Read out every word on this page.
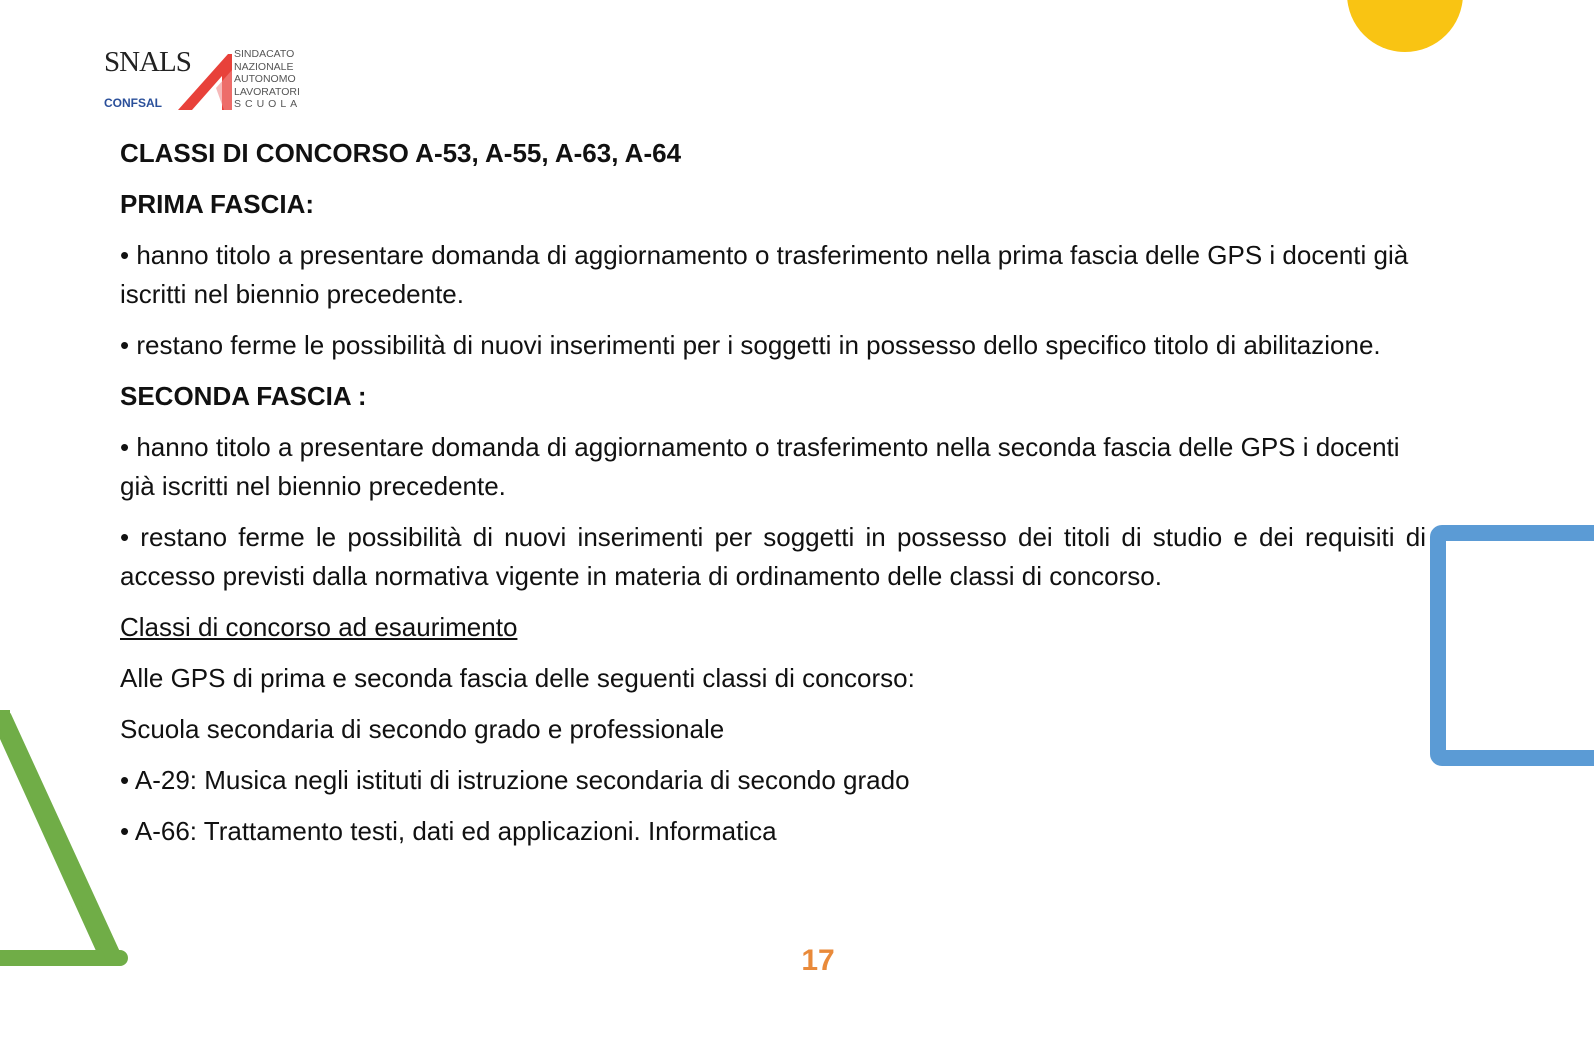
SNALS
CONFSAL
SINDACATO
NAZIONALE
AUTONOMO
LAVORATORI
SCUOLA

CLASSI DI CONCORSO A-53, A-55, A-63, A-64

PRIMA FASCIA:

• hanno titolo a presentare domanda di aggiornamento o trasferimento nella prima fascia delle GPS i docenti già iscritti nel biennio precedente.

• restano ferme le possibilità di nuovi inserimenti per i soggetti in possesso dello specifico titolo di abilitazione.

SECONDA FASCIA :

• hanno titolo a presentare domanda di aggiornamento o trasferimento nella seconda fascia delle GPS i docenti già iscritti nel biennio precedente.

• restano ferme le possibilità di nuovi inserimenti per soggetti in possesso dei titoli di studio e dei requisiti di accesso previsti dalla normativa vigente in materia di ordinamento delle classi di concorso.

Classi di concorso ad esaurimento

Alle GPS di prima e seconda fascia delle seguenti classi di concorso:

Scuola secondaria di secondo grado e professionale

• A-29: Musica negli istituti di istruzione secondaria di secondo grado

• A-66: Trattamento testi, dati ed applicazioni. Informatica

17
